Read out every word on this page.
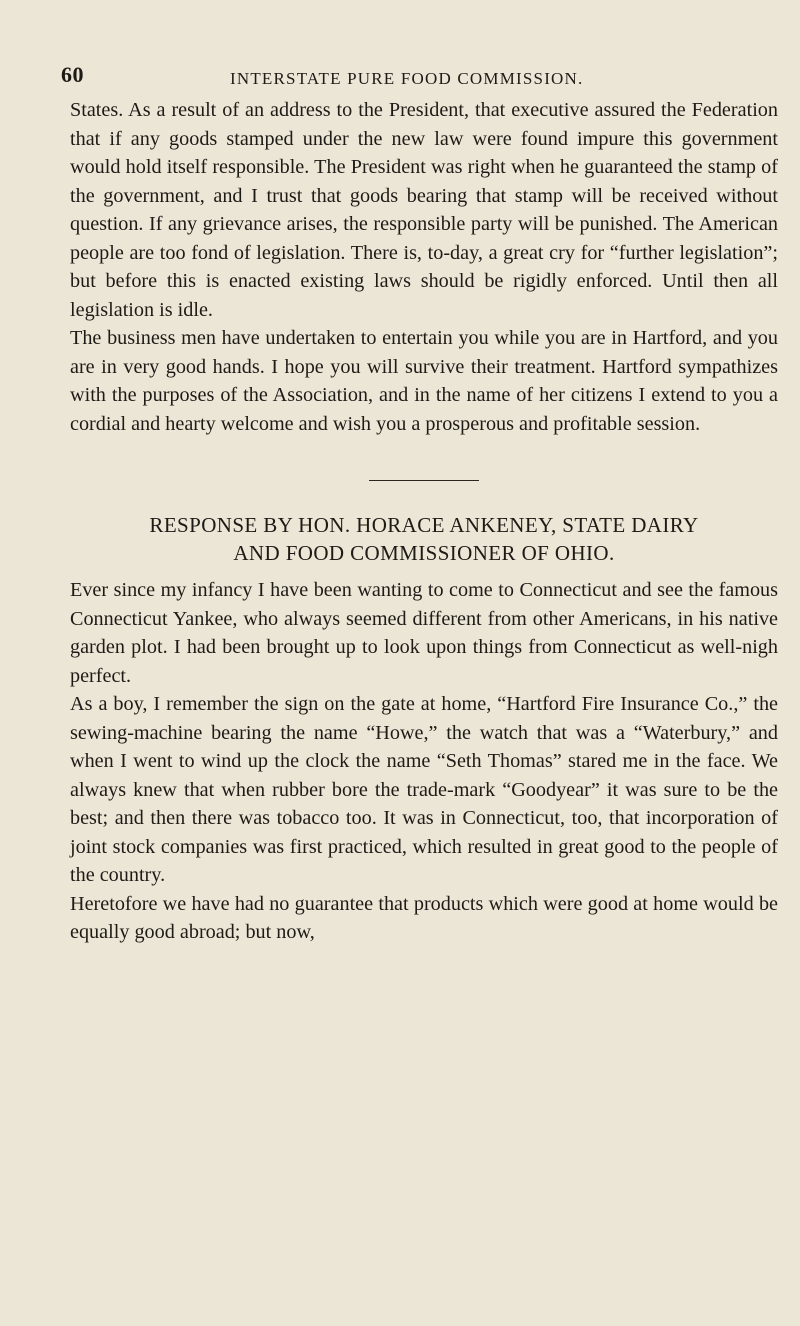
60	INTERSTATE PURE FOOD COMMISSION.
States. As a result of an address to the President, that executive assured the Federation that if any goods stamped under the new law were found impure this government would hold itself responsible. The President was right when he guaranteed the stamp of the government, and I trust that goods bearing that stamp will be received without question. If any grievance arises, the responsible party will be punished. The American people are too fond of legislation. There is, to-day, a great cry for “further legislation”; but before this is enacted existing laws should be rigidly enforced. Until then all legislation is idle.
The business men have undertaken to entertain you while you are in Hartford, and you are in very good hands. I hope you will survive their treatment. Hartford sympathizes with the purposes of the Association, and in the name of her citizens I extend to you a cordial and hearty welcome and wish you a prosperous and profitable session.
RESPONSE BY HON. HORACE ANKENEY, STATE DAIRY
AND FOOD COMMISSIONER OF OHIO.
Ever since my infancy I have been wanting to come to Connecticut and see the famous Connecticut Yankee, who always seemed different from other Americans, in his native garden plot. I had been brought up to look upon things from Connecticut as well-nigh perfect.
As a boy, I remember the sign on the gate at home, “Hartford Fire Insurance Co.,” the sewing-machine bearing the name “Howe,” the watch that was a “Waterbury,” and when I went to wind up the clock the name “Seth Thomas” stared me in the face. We always knew that when rubber bore the trade-mark “Goodyear” it was sure to be the best; and then there was tobacco too. It was in Connecticut, too, that incorporation of joint stock companies was first practiced, which resulted in great good to the people of the country.
Heretofore we have had no guarantee that products which were good at home would be equally good abroad; but now,
